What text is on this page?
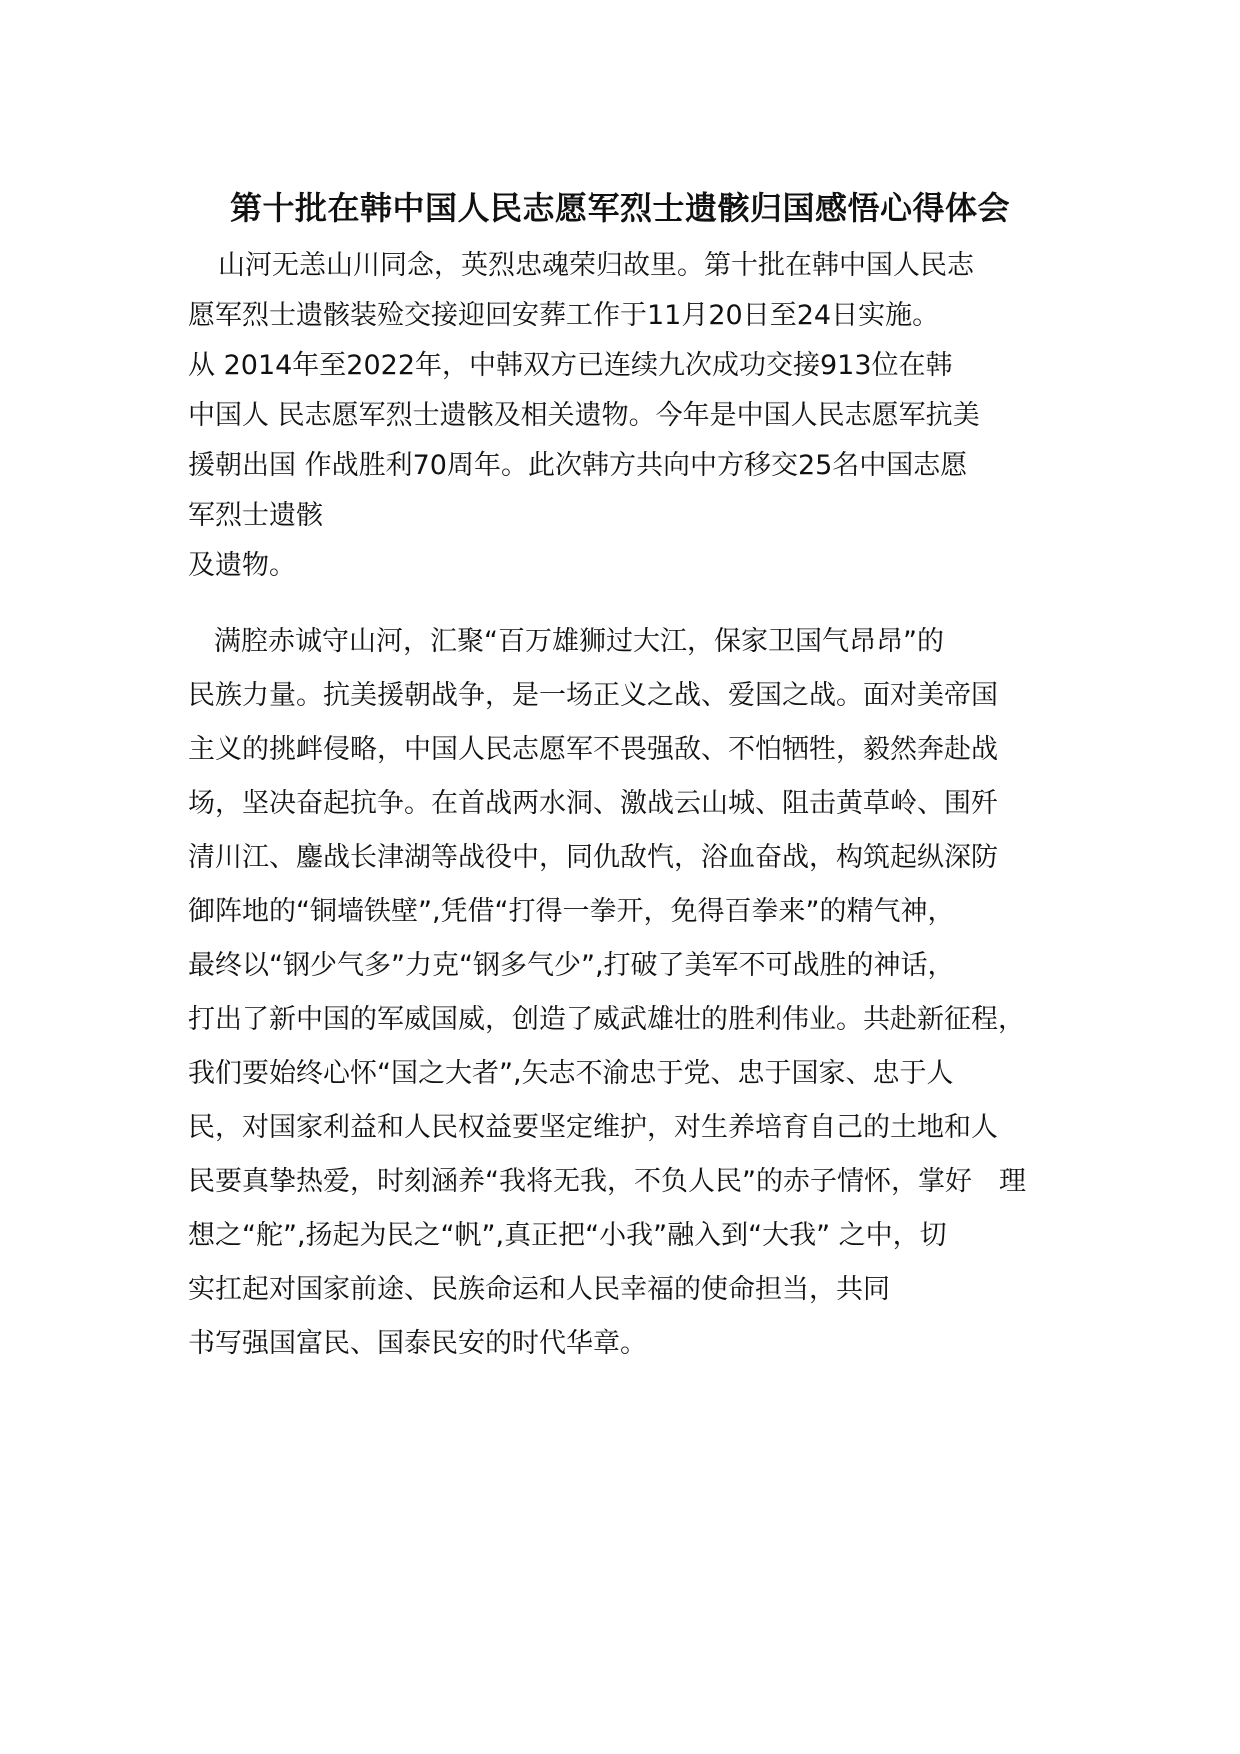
第十批在韩中国人民志愿军烈士遗骸归国感悟心得体会
山河无恙山川同念，英烈忠魂荣归故里。第十批在韩中国人民志
愿军烈士遗骸装殓交接迎回安葬工作于11月20日至24日实施。
从 2014年至2022年，中韩双方已连续九次成功交接913位在韩
中国人 民志愿军烈士遗骸及相关遗物。今年是中国人民志愿军抗美
援朝出国 作战胜利70周年。此次韩方共向中方移交25名中国志愿
军烈士遗骸
及遗物。
满腔赤诚守山河，汇聚“百万雄狮过大江，保家卫国气昂昂”的
民族力量。抗美援朝战争，是一场正义之战、爱国之战。面对美帝国
主义的挑衅侵略，中国人民志愿军不畏强敌、不怕牺牲，毅然奔赴战
场，坚决奋起抗争。在首战两水洞、激战云山城、阻击黄草岭、围歼
清川江、鏖战长津湖等战役中，同仇敌忾，浴血奋战，构筑起纵深防
御阵地的“铜墙铁壁”,凭借“打得一拳开，免得百拳来”的精气神，
最终以“钢少气多”力克“钢多气少”,打破了美军不可战胜的神话，
打出了新中国的军威国威，创造了威武雄壮的胜利伟业。共赴新征程，
我们要始终心怀“国之大者”,矢志不渝忠于党、忠于国家、忠于人
民，对国家利益和人民权益要坚定维护，对生养培育自己的土地和人
民要真挚热爱，时刻涵养“我将无我，不负人民”的赤子情怀，掌好　理
想之“舵”,扬起为民之“帆”,真正把“小我”融入到“大我” 之中，切
实扛起对国家前途、民族命运和人民幸福的使命担当，共同
书写强国富民、国泰民安的时代华章。
